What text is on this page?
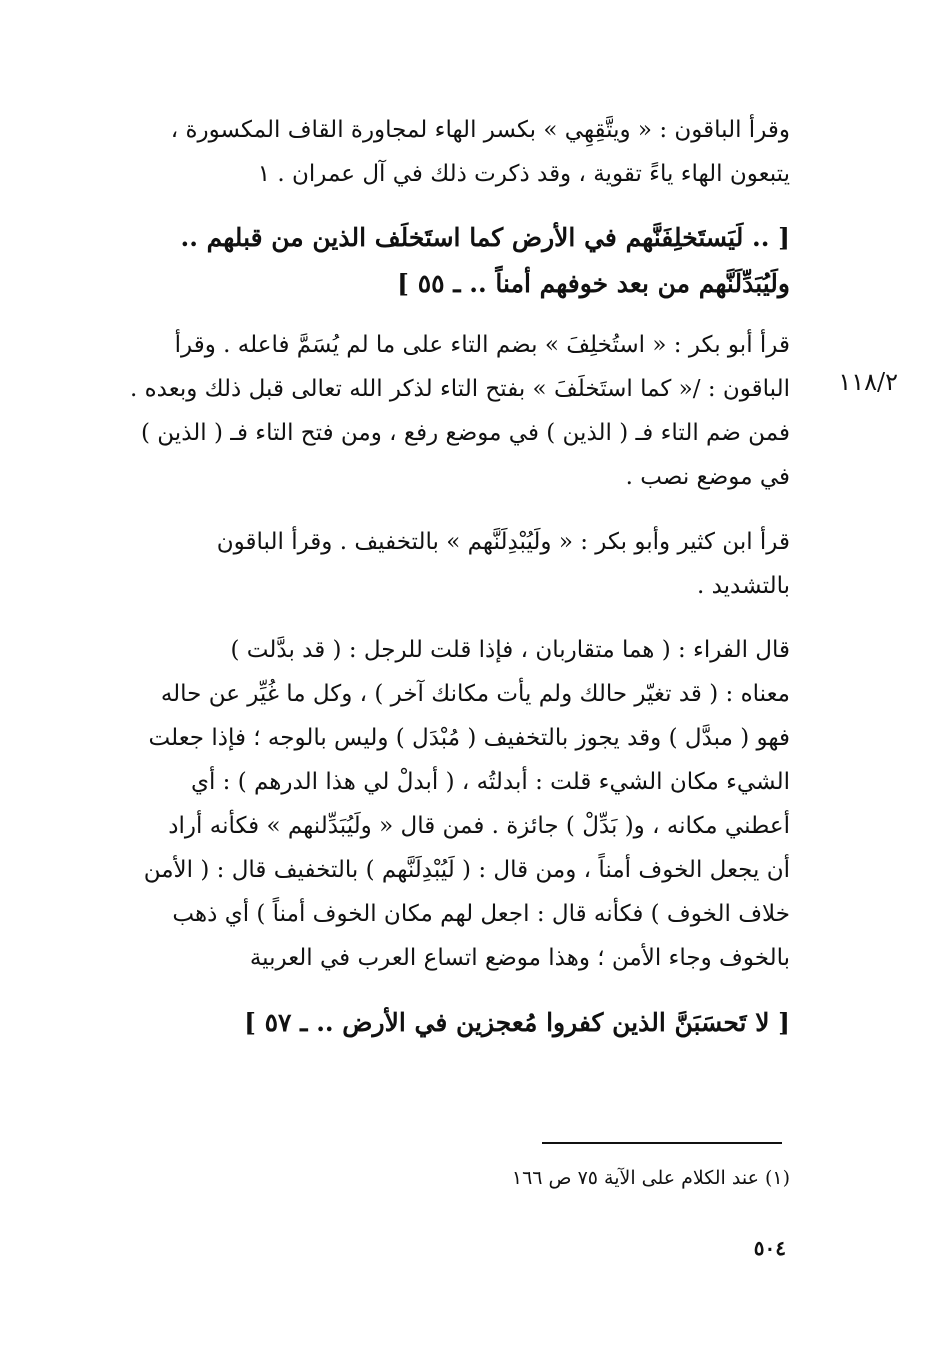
وقرأ الباقون : « ويتَّقِهِي » بكسر الهاء لمجاورة القاف المكسورة ،
يتبعون الهاء ياءً تقوية ، وقد ذكرت ذلك في آل عمران . ١
[ .. لَيَستَخلِفَنَّهم في الأرض كما استَخلَف الذين من قبلهم ..
ولَيُبَدِّلَنَّهم من بعد خوفهم أمناً .. ـ ٥٥ ]
قرأ أبو بكر : « استُخلِفَ » بضم التاء على ما لم يُسَمَّ فاعله . وقرأ
الباقون : /« كما استَخلَفَ » بفتح التاء لذكر الله تعالى قبل ذلك وبعده .
فمن ضم التاء فـ ( الذين ) في موضع رفع ، ومن فتح التاء فـ ( الذين )
في موضع نصب .
١١٨/٢
قرأ ابن كثير وأبو بكر : « ولَيُبْدِلَنَّهم » بالتخفيف . وقرأ الباقون
بالتشديد .
قال الفراء : ( هما متقاربان ، فإذا قلت للرجل : ( قد بدَّلت )
معناه : ( قد تغيّر حالك ولم يأت مكانك آخر ) ، وكل ما غُيِّر عن حاله
فهو ( مبدَّل ) وقد يجوز بالتخفيف ( مُبْدَل ) وليس بالوجه ؛ فإذا جعلت
الشيء مكان الشيء قلت : أبدلتُه ، ( أبدلْ لي هذا الدرهم ) : أي
أعطني مكانه ، و( بَدِّلْ ) جائزة . فمن قال « ولَيُبَدِّلنهم » فكأنه أراد
أن يجعل الخوف أمناً ، ومن قال : ( لَيُبْدِلَنَّهم ) بالتخفيف قال : ( الأمن
خلاف الخوف ) فكأنه قال : اجعل لهم مكان الخوف أمناً ) أي ذهب
بالخوف وجاء الأمن ؛ وهذا موضع اتساع العرب في العربية
[ لا تَحسَبَنَّ الذين كفروا مُعجزين في الأرض .. ـ ٥٧ ]
(١) عند الكلام على الآية ٧٥ ص ١٦٦
٥٠٤
